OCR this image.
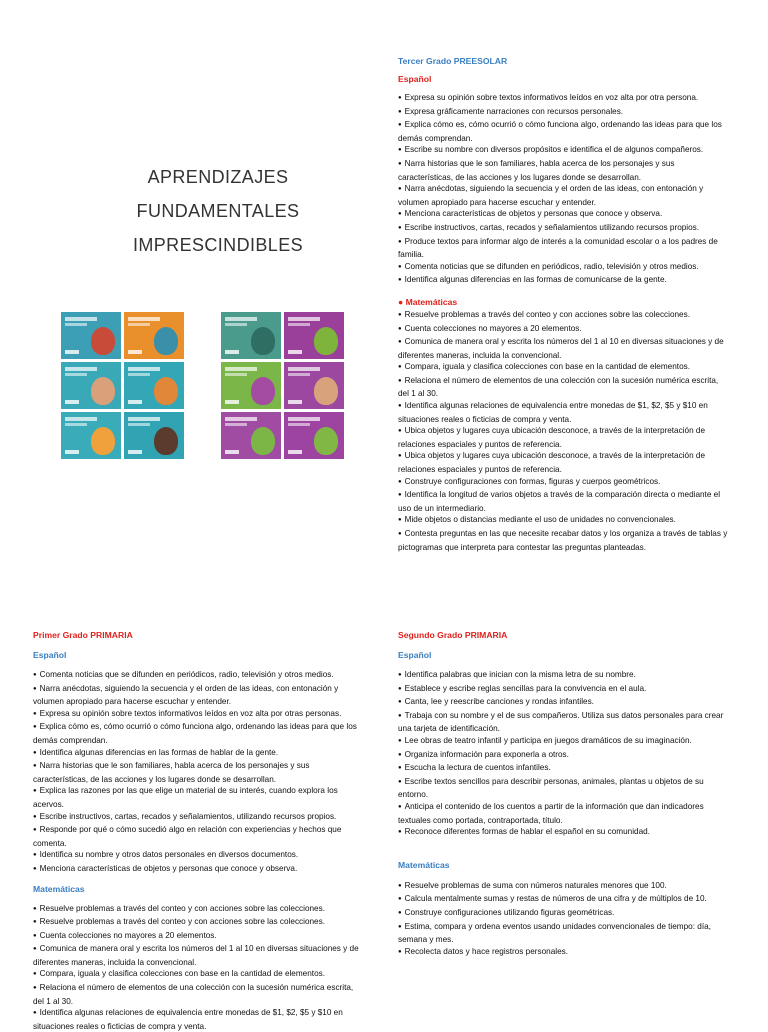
APRENDIZAJES
FUNDAMENTALES
IMPRESCINDIBLES

Tercer Grado PREESOLAR

Español

● Expresa su opinión sobre textos informativos leídos en voz alta por otra persona.
● Expresa gráficamente narraciones con recursos personales.
● Explica cómo es, cómo ocurrió o cómo funciona algo, ordenando las ideas para que los demás comprendan.
● Escribe su nombre con diversos propósitos e identifica el de algunos compañeros.
● Narra historias que le son familiares, habla acerca de los personajes y sus características, de las acciones y los lugares donde se desarrollan.
● Narra anécdotas, siguiendo la secuencia y el orden de las ideas, con entonación y volumen apropiado para hacerse escuchar y entender.
● Menciona características de objetos y personas que conoce y observa.
● Escribe instructivos, cartas, recados y señalamientos utilizando recursos propios.
● Produce textos para informar algo de interés a la comunidad escolar o a los padres de familia.
● Comenta noticias que se difunden en periódicos, radio, televisión y otros medios.
● Identifica algunas diferencias en las formas de comunicarse de la gente.

● Matemáticas

● Resuelve problemas a través del conteo y con acciones sobre las colecciones.
● Cuenta colecciones no mayores a 20 elementos.
● Comunica de manera oral y escrita los números del 1 al 10 en diversas situaciones y de diferentes maneras, incluida la convencional.
● Compara, iguala y clasifica colecciones con base en la cantidad de elementos.
● Relaciona el número de elementos de una colección con la sucesión numérica escrita, del 1 al 30.
● Identifica algunas relaciones de equivalencia entre monedas de $1, $2, $5 y $10 en situaciones reales o ficticias de compra y venta.
● Ubica objetos y lugares cuya ubicación desconoce, a través de la interpretación de relaciones espaciales y puntos de referencia.
● Ubica objetos y lugares cuya ubicación desconoce, a través de la interpretación de relaciones espaciales y puntos de referencia.
● Construye configuraciones con formas, figuras y cuerpos geométricos.
● Identifica la longitud de varios objetos a través de la comparación directa o mediante el uso de un intermediario.
● Mide objetos o distancias mediante el uso de unidades no convencionales.
● Contesta preguntas en las que necesite recabar datos y los organiza a través de tablas y pictogramas que interpreta para contestar las preguntas planteadas.

Primer Grado PRIMARIA

Español

● Comenta noticias que se difunden en periódicos, radio, televisión y otros medios.
● Narra anécdotas, siguiendo la secuencia y el orden de las ideas, con entonación y volumen apropiado para hacerse escuchar y entender.
● Expresa su opinión sobre textos informativos leídos en voz alta por otras personas.
● Explica cómo es, cómo ocurrió o cómo funciona algo, ordenando las ideas para que los demás comprendan.
● Identifica algunas diferencias en las formas de hablar de la gente.
● Narra historias que le son familiares, habla acerca de los personajes y sus características, de las acciones y los lugares donde se desarrollan.
● Explica las razones por las que elige un material de su interés, cuando explora los acervos.
● Escribe instructivos, cartas, recados y señalamientos, utilizando recursos propios.
● Responde por qué o cómo sucedió algo en relación con experiencias y hechos que comenta.
● Identifica su nombre y otros datos personales en diversos documentos.
● Menciona características de objetos y personas que conoce y observa.

Matemáticas

● Resuelve problemas a través del conteo y con acciones sobre las colecciones.
● Resuelve problemas a través del conteo y con acciones sobre las colecciones.
● Cuenta colecciones no mayores a 20 elementos.
● Comunica de manera oral y escrita los números del 1 al 10 en diversas situaciones y de diferentes maneras, incluida la convencional.
● Compara, iguala y clasifica colecciones con base en la cantidad de elementos.
● Relaciona el número de elementos de una colección con la sucesión numérica escrita, del 1 al 30.
● Identifica algunas relaciones de equivalencia entre monedas de $1, $2, $5 y $10 en situaciones reales o ficticias de compra y venta.

Segundo Grado PRIMARIA

Español

● Identifica palabras que inician con la misma letra de su nombre.
● Establece y escribe reglas sencillas para la convivencia en el aula.
● Canta, lee y reescribe canciones y rondas infantiles.
● Trabaja con su nombre y el de sus compañeros. Utiliza sus datos personales para crear una tarjeta de identificación.
● Lee obras de teatro infantil y participa en juegos dramáticos de su imaginación.
● Organiza información para exponerla a otros.
● Escucha la lectura de cuentos infantiles.
● Escribe textos sencillos para describir personas, animales, plantas u objetos de su entorno.
● Anticipa el contenido de los cuentos a partir de la información que dan indicadores textuales como portada, contraportada, título.
● Reconoce diferentes formas de hablar el español en su comunidad.

Matemáticas

● Resuelve problemas de suma con números naturales menores que 100.
● Calcula mentalmente sumas y restas de números de una cifra y de múltiplos de 10.
● Construye configuraciones utilizando figuras geométricas.
● Estima, compara y ordena eventos usando unidades convencionales de tiempo: día, semana y mes.
● Recolecta datos y hace registros personales.
